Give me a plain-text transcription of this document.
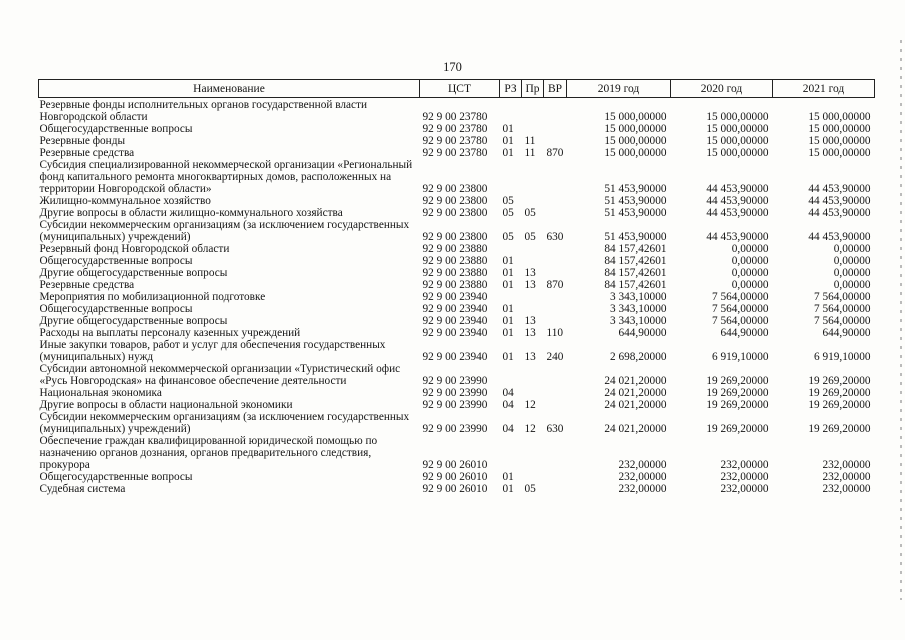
170
Наименование	ЦСТ	РЗ	Пр	ВР	2019 год	2020 год	2021 год
Резервные фонды исполнительных органов государственной власти Новгородской области	92 9 00 23780				15 000,00000	15 000,00000	15 000,00000
Общегосударственные вопросы	92 9 00 23780	01			15 000,00000	15 000,00000	15 000,00000
Резервные фонды	92 9 00 23780	01	11		15 000,00000	15 000,00000	15 000,00000
Резервные средства	92 9 00 23780	01	11	870	15 000,00000	15 000,00000	15 000,00000
Субсидия специализированной некоммерческой организации «Региональный фонд капитального ремонта многоквартирных домов, расположенных на территории Новгородской области»	92 9 00 23800				51 453,90000	44 453,90000	44 453,90000
Жилищно-коммунальное хозяйство	92 9 00 23800	05			51 453,90000	44 453,90000	44 453,90000
Другие вопросы в области жилищно-коммунального хозяйства	92 9 00 23800	05	05		51 453,90000	44 453,90000	44 453,90000
Субсидии некоммерческим организациям (за исключением государственных (муниципальных) учреждений)	92 9 00 23800	05	05	630	51 453,90000	44 453,90000	44 453,90000
Резервный фонд Новгородской области	92 9 00 23880				84 157,42601	0,00000	0,00000
Общегосударственные вопросы	92 9 00 23880	01			84 157,42601	0,00000	0,00000
Другие общегосударственные вопросы	92 9 00 23880	01	13		84 157,42601	0,00000	0,00000
Резервные средства	92 9 00 23880	01	13	870	84 157,42601	0,00000	0,00000
Мероприятия по мобилизационной подготовке	92 9 00 23940				3 343,10000	7 564,00000	7 564,00000
Общегосударственные вопросы	92 9 00 23940	01			3 343,10000	7 564,00000	7 564,00000
Другие общегосударственные вопросы	92 9 00 23940	01	13		3 343,10000	7 564,00000	7 564,00000
Расходы на выплаты персоналу казенных учреждений	92 9 00 23940	01	13	110	644,90000	644,90000	644,90000
Иные закупки товаров, работ и услуг для обеспечения государственных (муниципальных) нужд	92 9 00 23940	01	13	240	2 698,20000	6 919,10000	6 919,10000
Субсидии автономной некоммерческой организации «Туристический офис «Русь Новгородская» на финансовое обеспечение деятельности	92 9 00 23990				24 021,20000	19 269,20000	19 269,20000
Национальная экономика	92 9 00 23990	04			24 021,20000	19 269,20000	19 269,20000
Другие вопросы в области национальной экономики	92 9 00 23990	04	12		24 021,20000	19 269,20000	19 269,20000
Субсидии некоммерческим организациям (за исключением государственных (муниципальных) учреждений)	92 9 00 23990	04	12	630	24 021,20000	19 269,20000	19 269,20000
Обеспечение граждан квалифицированной юридической помощью по назначению органов дознания, органов предварительного следствия, прокурора	92 9 00 26010				232,00000	232,00000	232,00000
Общегосударственные вопросы	92 9 00 26010	01			232,00000	232,00000	232,00000
Судебная система	92 9 00 26010	01	05		232,00000	232,00000	232,00000
